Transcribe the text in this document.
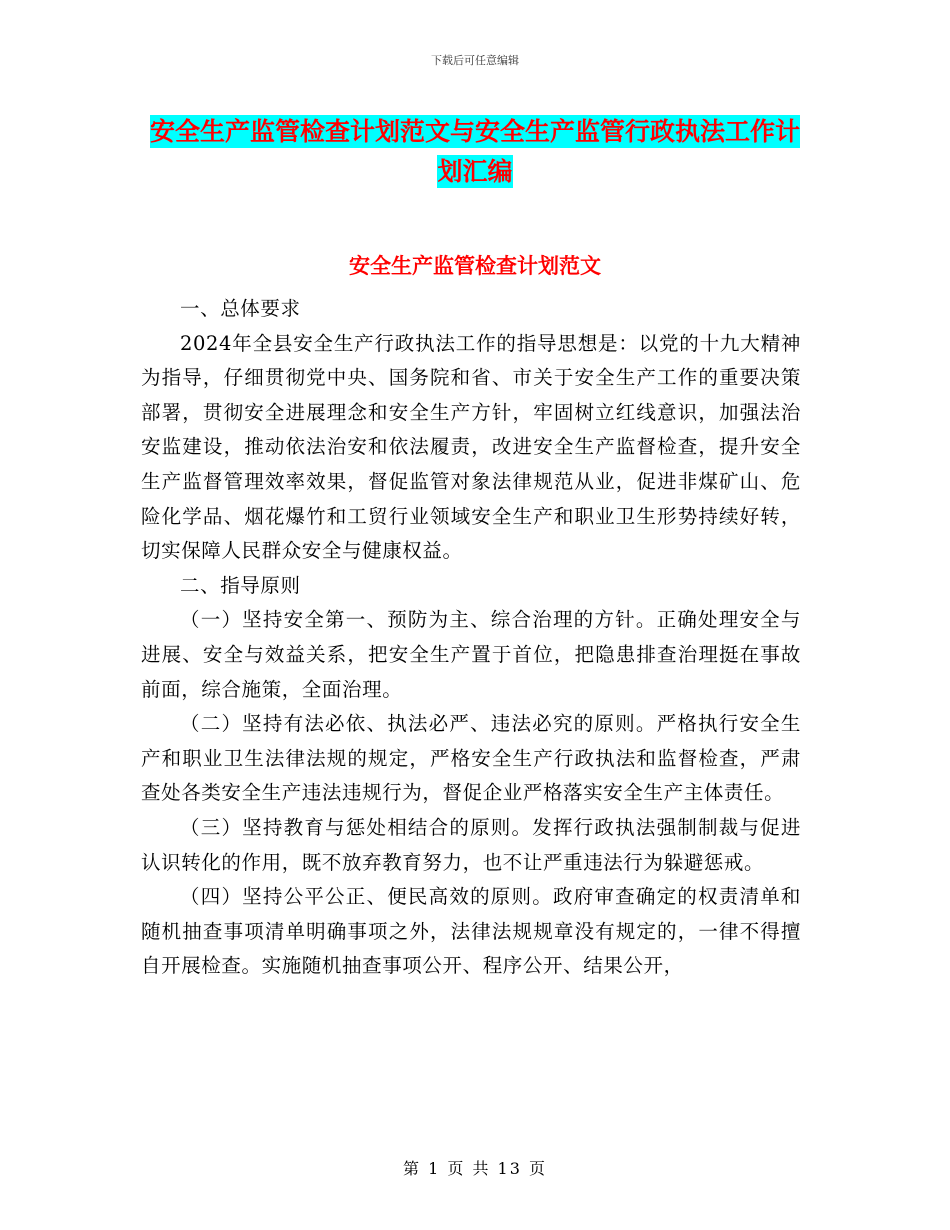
下载后可任意编辑
安全生产监管检查计划范文与安全生产监管行政执法工作计划汇编
安全生产监管检查计划范文

一、总体要求

2024年全县安全生产行政执法工作的指导思想是：以党的十九大精神为指导，仔细贯彻党中央、国务院和省、市关于安全生产工作的重要决策部署，贯彻安全进展理念和安全生产方针，牢固树立红线意识，加强法治安监建设，推动依法治安和依法履责，改进安全生产监督检查，提升安全生产监督管理效率效果，督促监管对象法律规范从业，促进非煤矿山、危险化学品、烟花爆竹和工贸行业领域安全生产和职业卫生形势持续好转，切实保障人民群众安全与健康权益。

二、指导原则

（一）坚持安全第一、预防为主、综合治理的方针。正确处理安全与进展、安全与效益关系，把安全生产置于首位，把隐患排查治理挺在事故前面，综合施策，全面治理。

（二）坚持有法必依、执法必严、违法必究的原则。严格执行安全生产和职业卫生法律法规的规定，严格安全生产行政执法和监督检查，严肃查处各类安全生产违法违规行为，督促企业严格落实安全生产主体责任。

（三）坚持教育与惩处相结合的原则。发挥行政执法强制制裁与促进认识转化的作用，既不放弃教育努力，也不让严重违法行为躲避惩戒。

（四）坚持公平公正、便民高效的原则。政府审查确定的权责清单和随机抽查事项清单明确事项之外，法律法规规章没有规定的，一律不得擅自开展检查。实施随机抽查事项公开、程序公开、结果公开，

第 1 页 共 13 页
